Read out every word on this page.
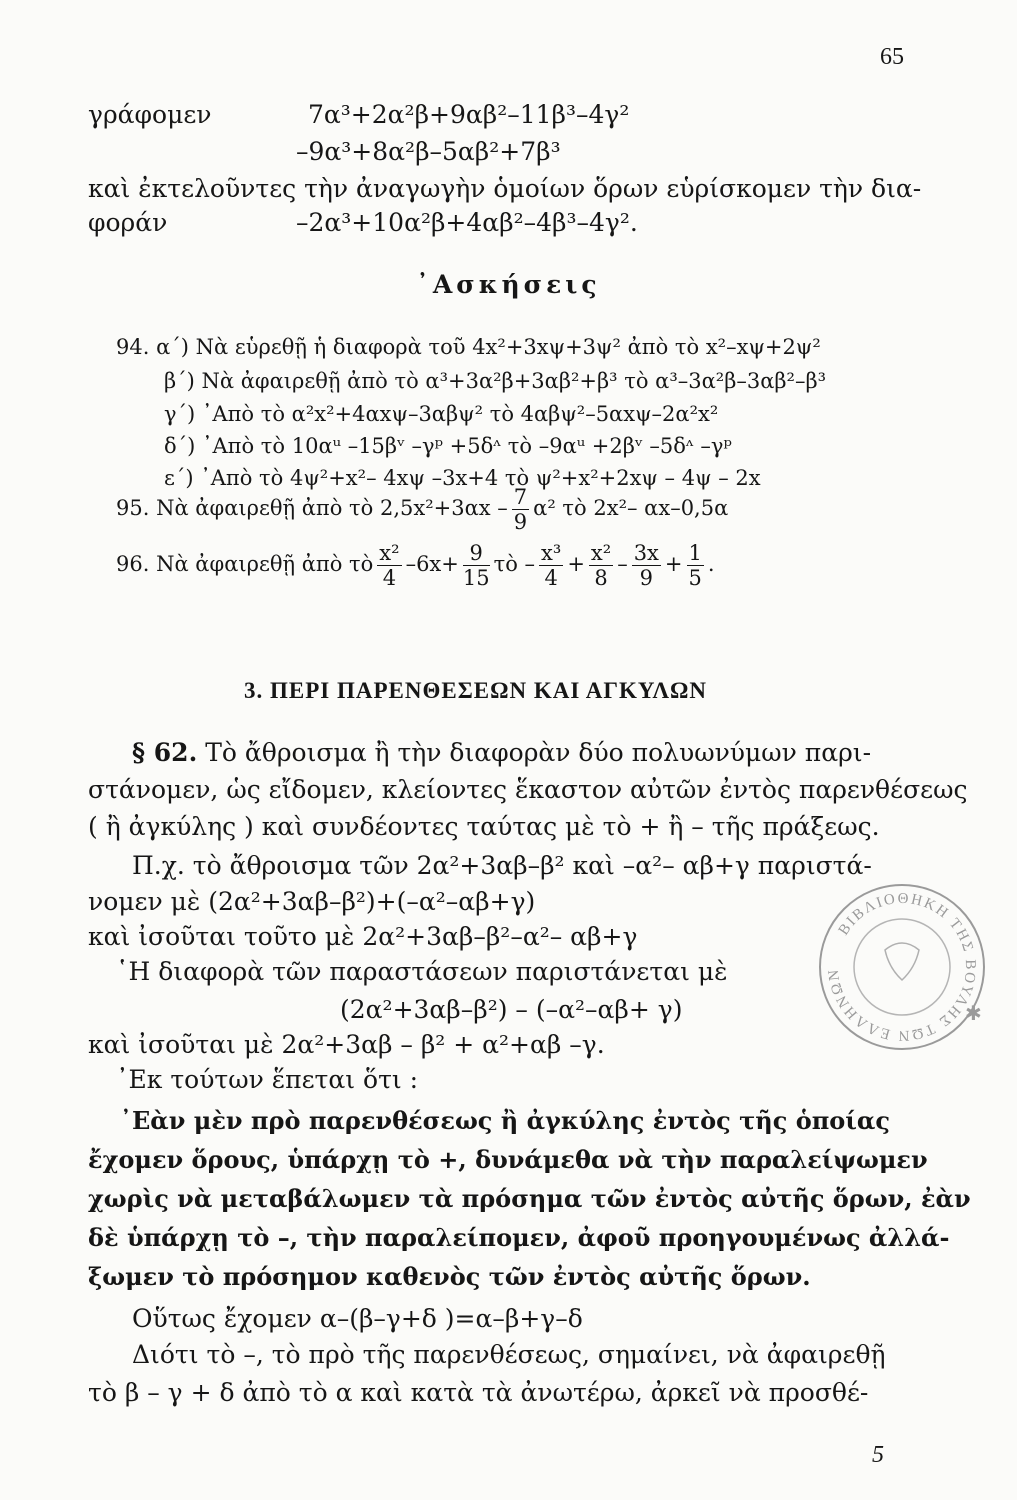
65
γράφομεν	7α³+2α²β+9αβ²–11β³–4γ²
–9α³+8α²β–5αβ²+7β³
καὶ ἐκτελοῦντες τὴν ἀναγωγὴν ὁμοίων ὅρων εὑρίσκομεν τὴν δια-
φοράν	–2α³+10α²β+4αβ²–4β³–4γ².
᾿Ασκήσεις
94. α΄) Νὰ εὑρεθῇ ἡ διαφορὰ τοῦ 4x²+3xψ+3ψ² ἀπὸ τὸ x²–xψ+2ψ²
β΄) Νὰ ἀφαιρεθῇ ἀπὸ τὸ α³+3α²β+3αβ²+β³ τὸ α³–3α²β–3αβ²–β³
γ΄) ᾿Απὸ τὸ α²x²+4αxψ–3αβψ² τὸ 4αβψ²–5αxψ–2α²x²
δ΄) ᾿Απὸ τὸ 10αᵘ –15βᵛ –γᵖ +5δᶺ τὸ –9αᵘ +2βᵛ –5δᶺ –γᵖ
ε΄) ᾿Απὸ τὸ 4ψ²+x²– 4xψ –3x+4 τὸ ψ²+x²+2xψ – 4ψ – 2x
95. Νὰ ἀφαιρεθῇ ἀπὸ τὸ $2,5x^2+3\alpha x - \frac{7}{9} \alpha^2$ τὸ 2x²– αx–0,5α
96. Νὰ ἀφαιρεθῇ ἀπὸ τὸ $\frac{\text{x²}}{4} -6x+ \frac{9}{15}$ τὸ – $\frac{\text{x³}}{4} + \frac{\text{x²}}{8} - \frac{3x}{9} + \frac{1}{5}$ .
3. ΠΕΡΙ ΠΑΡΕΝΘΕΣΕΩΝ ΚΑΙ ΑΓΚΥΛΩΝ
§ 62. Τὸ ἄθροισμα ἢ τὴν διαφορὰν δύο πολυωνύμων παρι-
στάνομεν, ὡς εἴδομεν, κλείοντες ἕκαστον αὐτῶν ἐντὸς παρενθέσεως
( ἢ ἀγκύλης ) καὶ συνδέοντες ταύτας μὲ τὸ + ἢ – τῆς πράξεως.
Π.χ. τὸ ἄθροισμα τῶν 2α²+3αβ–β² καὶ –α²– αβ+γ παριστά-
νομεν μὲ (2α²+3αβ–β²)+(–α²–αβ+γ)
καὶ ἰσοῦται τοῦτο μὲ 2α²+3αβ–β²–α²– αβ+γ
῾Η διαφορὰ τῶν παραστάσεων παριστάνεται μὲ
(2α²+3αβ–β²) – (–α²–αβ+ γ)
καὶ ἰσοῦται μὲ 2α²+3αβ – β² + α²+αβ –γ.
᾿Εκ τούτων ἕπεται ὅτι :
᾿Εὰν μὲν πρὸ παρενθέσεως ἢ ἀγκύλης ἐντὸς τῆς ὁποίας
ἔχομεν ὅρους, ὑπάρχῃ τὸ +, δυνάμεθα νὰ τὴν παραλείψωμεν
χωρὶς νὰ μεταβάλωμεν τὰ πρόσημα τῶν ἐντὸς αὐτῆς ὅρων, ἐὰν
δὲ ὑπάρχῃ τὸ –, τὴν παραλείπομεν, ἀφοῦ προηγουμένως ἀλλά-
ξωμεν τὸ πρόσημον καθενὸς τῶν ἐντὸς αὐτῆς ὅρων.
Οὕτως ἔχομεν α–(β–γ+δ )=α–β+γ–δ
Διότι τὸ –, τὸ πρὸ τῆς παρενθέσεως, σημαίνει, νὰ ἀφαιρεθῇ
τὸ β – γ + δ ἀπὸ τὸ α καὶ κατὰ τὰ ἀνωτέρω, ἀρκεῖ νὰ προσθέ-
5
ΒΙΒΛΙΟΘΗΚΗ ΤΗΣ ΒΟΥΛΗΣ ΤΩΝ ΕΛΛΗΝΩΝ
✱
